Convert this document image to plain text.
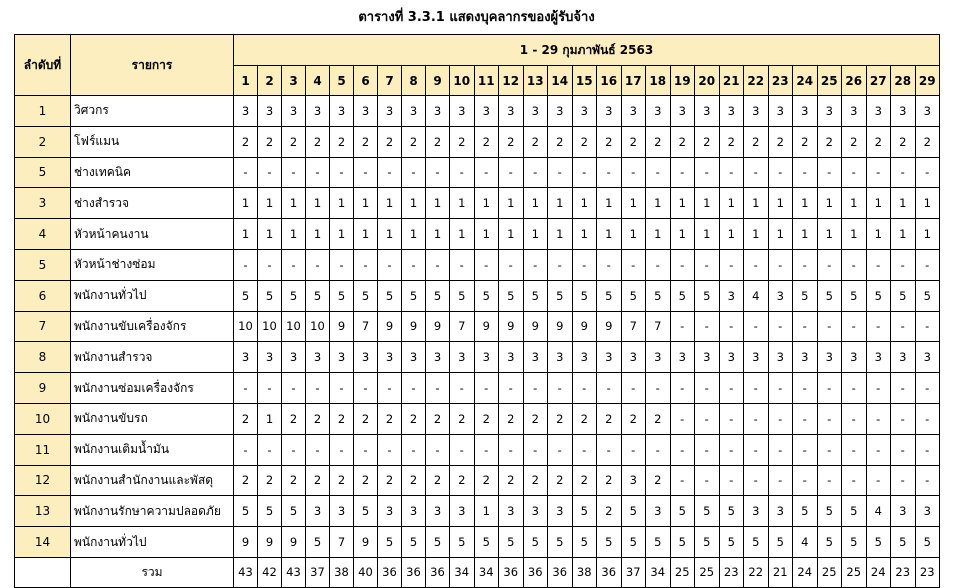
ตารางที่ 3.3.1 แสดงบุคลากรของผู้รับจ้าง
ลำดับที่	รายการ	1 - 29 กุมภาพันธ์ 2563																												
		1	2	3	4	5	6	7	8	9	10	11	12	13	14	15	16	17	18	19	20	21	22	23	24	25	26	27	28	29
1	วิศวกร	3	3	3	3	3	3	3	3	3	3	3	3	3	3	3	3	3	3	3	3	3	3	3	3	3	3	3	3	3
2	โฟร์แมน	2	2	2	2	2	2	2	2	2	2	2	2	2	2	2	2	2	2	2	2	2	2	2	2	2	2	2	2	2
5	ช่างเทคนิค	-	-	-	-	-	-	-	-	-	-	-	-	-	-	-	-	-	-	-	-	-	-	-	-	-	-	-	-	-
3	ช่างสำรวจ	1	1	1	1	1	1	1	1	1	1	1	1	1	1	1	1	1	1	1	1	1	1	1	1	1	1	1	1	1
4	หัวหน้าคนงาน	1	1	1	1	1	1	1	1	1	1	1	1	1	1	1	1	1	1	1	1	1	1	1	1	1	1	1	1	1
5	หัวหน้าช่างซ่อม	-	-	-	-	-	-	-	-	-	-	-	-	-	-	-	-	-	-	-	-	-	-	-	-	-	-	-	-	-
6	พนักงานทั่วไป	5	5	5	5	5	5	5	5	5	5	5	5	5	5	5	5	5	5	5	5	3	4	3	5	5	5	5	5	5
7	พนักงานขับเครื่องจักร	10	10	10	10	9	7	9	9	9	7	9	9	9	9	9	9	7	7	-	-	-	-	-	-	-	-	-	-	-
8	พนักงานสำรวจ	3	3	3	3	3	3	3	3	3	3	3	3	3	3	3	3	3	3	3	3	3	3	3	3	3	3	3	3	3
9	พนักงานซ่อมเครื่องจักร	-	-	-	-	-	-	-	-	-	-	-	-	-	-	-	-	-	-	-	-	-	-	-	-	-	-	-	-	-
10	พนักงานขับรถ	2	1	2	2	2	2	2	2	2	2	2	2	2	2	2	2	2	2	-	-	-	-	-	-	-	-	-	-	-
11	พนักงานเติมน้ำมัน	-	-	-	-	-	-	-	-	-	-	-	-	-	-	-	-	-	-	-	-	-	-	-	-	-	-	-	-	-
12	พนักงานสำนักงานและพัสดุ	2	2	2	2	2	2	2	2	2	2	2	2	2	2	2	2	3	2	-	-	-	-	-	-	-	-	-	-	-
13	พนักงานรักษาความปลอดภัย	5	5	5	3	3	5	3	3	3	3	1	3	3	3	5	2	5	3	5	5	5	3	3	5	5	5	4	3	3
14	พนักงานทั่วไป	9	9	9	5	7	9	5	5	5	5	5	5	5	5	5	5	5	5	5	5	5	5	5	4	5	5	5	5	5
	รวม	43	42	43	37	38	40	36	36	36	34	34	36	36	36	38	36	37	34	25	25	23	22	21	24	25	25	24	23	23
